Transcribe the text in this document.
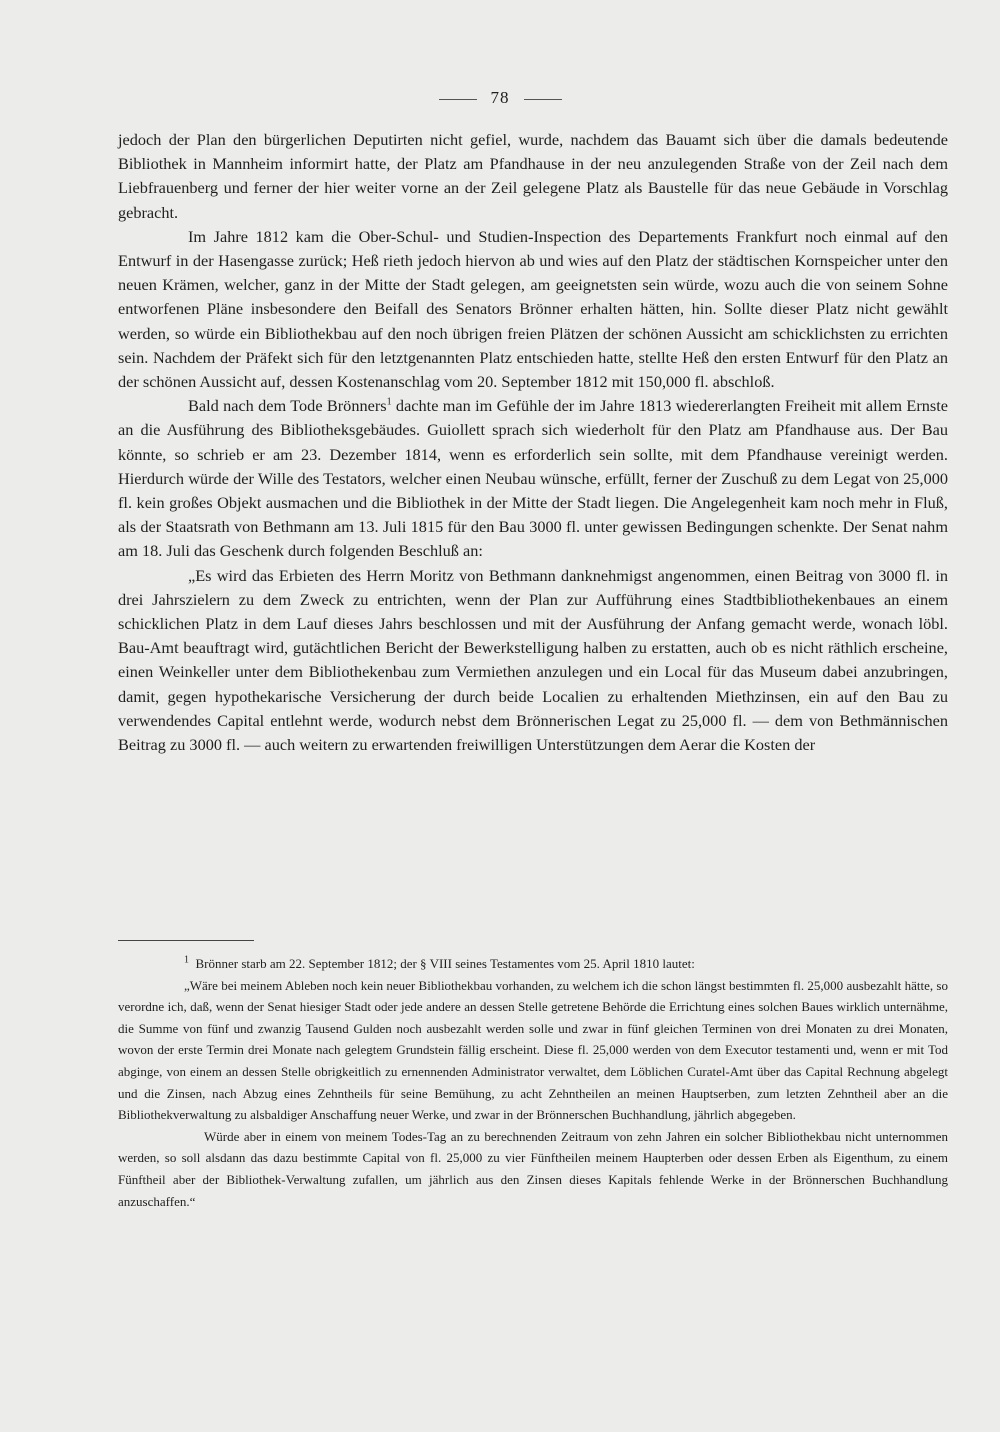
78

jedoch der Plan den bürgerlichen Deputirten nicht gefiel, wurde, nachdem das Bauamt sich über die damals bedeutende Bibliothek in Mannheim informirt hatte, der Platz am Pfandhause in der neu anzulegenden Straße von der Zeil nach dem Liebfrauenberg und ferner der hier weiter vorne an der Zeil gelegene Platz als Baustelle für das neue Gebäude in Vorschlag gebracht.

Im Jahre 1812 kam die Ober-Schul- und Studien-Inspection des Departements Frankfurt noch einmal auf den Entwurf in der Hasengasse zurück; Heß rieth jedoch hiervon ab und wies auf den Platz der städtischen Kornspeicher unter den neuen Krämen, welcher, ganz in der Mitte der Stadt gelegen, am geeignetsten sein würde, wozu auch die von seinem Sohne entworfenen Pläne insbesondere den Beifall des Senators Brönner erhalten hätten, hin. Sollte dieser Platz nicht gewählt werden, so würde ein Bibliothekbau auf den noch übrigen freien Plätzen der schönen Aussicht am schicklichsten zu errichten sein. Nachdem der Präfekt sich für den letztgenannten Platz entschieden hatte, stellte Heß den ersten Entwurf für den Platz an der schönen Aussicht auf, dessen Kostenanschlag vom 20. September 1812 mit 150,000 fl. abschloß.

Bald nach dem Tode Brönners$^1$ dachte man im Gefühle der im Jahre 1813 wiedererlangten Freiheit mit allem Ernste an die Ausführung des Bibliotheksgebäudes. Guiollett sprach sich wiederholt für den Platz am Pfandhause aus. Der Bau könnte, so schrieb er am 23. Dezember 1814, wenn es erforderlich sein sollte, mit dem Pfandhause vereinigt werden. Hierdurch würde der Wille des Testators, welcher einen Neubau wünsche, erfüllt, ferner der Zuschuß zu dem Legat von 25,000 fl. kein großes Objekt ausmachen und die Bibliothek in der Mitte der Stadt liegen. Die Angelegenheit kam noch mehr in Fluß, als der Staatsrath von Bethmann am 13. Juli 1815 für den Bau 3000 fl. unter gewissen Bedingungen schenkte. Der Senat nahm am 18. Juli das Geschenk durch folgenden Beschluß an:

„Es wird das Erbieten des Herrn Moritz von Bethmann danknehmigst angenommen, einen Beitrag von 3000 fl. in drei Jahrszielern zu dem Zweck zu entrichten, wenn der Plan zur Aufführung eines Stadtbibliothekenbaues an einem schicklichen Platz in dem Lauf dieses Jahrs beschlossen und mit der Ausführung der Anfang gemacht werde, wonach löbl. Bau-Amt beauftragt wird, gutächtlichen Bericht der Bewerkstelligung halben zu erstatten, auch ob es nicht räthlich erscheine, einen Weinkeller unter dem Bibliothekenbau zum Vermiethen anzulegen und ein Local für das Museum dabei anzubringen, damit, gegen hypothekarische Versicherung der durch beide Localien zu erhaltenden Miethzinsen, ein auf den Bau zu verwendendes Capital entlehnt werde, wodurch nebst dem Brönnerischen Legat zu 25,000 fl. — dem von Bethmännischen Beitrag zu 3000 fl. — auch weitern zu erwartenden freiwilligen Unterstützungen dem Aerar die Kosten der

$^1$ Brönner starb am 22. September 1812; der § VIII seines Testamentes vom 25. April 1810 lautet:

„Wäre bei meinem Ableben noch kein neuer Bibliothekbau vorhanden, zu welchem ich die schon längst bestimmten fl. 25,000 ausbezahlt hätte, so verordne ich, daß, wenn der Senat hiesiger Stadt oder jede andere an dessen Stelle getretene Behörde die Errichtung eines solchen Baues wirklich unternähme, die Summe von fünf und zwanzig Tausend Gulden noch ausbezahlt werden solle und zwar in fünf gleichen Terminen von drei Monaten zu drei Monaten, wovon der erste Termin drei Monate nach gelegtem Grundstein fällig erscheint. Diese fl. 25,000 werden von dem Executor testamenti und, wenn er mit Tod abginge, von einem an dessen Stelle obrigkeitlich zu ernennenden Administrator verwaltet, dem Löblichen Curatel-Amt über das Capital Rechnung abgelegt und die Zinsen, nach Abzug eines Zehntheils für seine Bemühung, zu acht Zehntheilen an meinen Hauptserben, zum letzten Zehntheil aber an die Bibliothekverwaltung zu alsbaldiger Anschaffung neuer Werke, und zwar in der Brönnerschen Buchhandlung, jährlich abgegeben.

Würde aber in einem von meinem Todes-Tag an zu berechnenden Zeitraum von zehn Jahren ein solcher Bibliothekbau nicht unternommen werden, so soll alsdann das dazu bestimmte Capital von fl. 25,000 zu vier Fünftheilen meinem Haupterben oder dessen Erben als Eigenthum, zu einem Fünftheil aber der Bibliothek-Verwaltung zufallen, um jährlich aus den Zinsen dieses Kapitals fehlende Werke in der Brönnerschen Buchhandlung anzuschaffen.“
